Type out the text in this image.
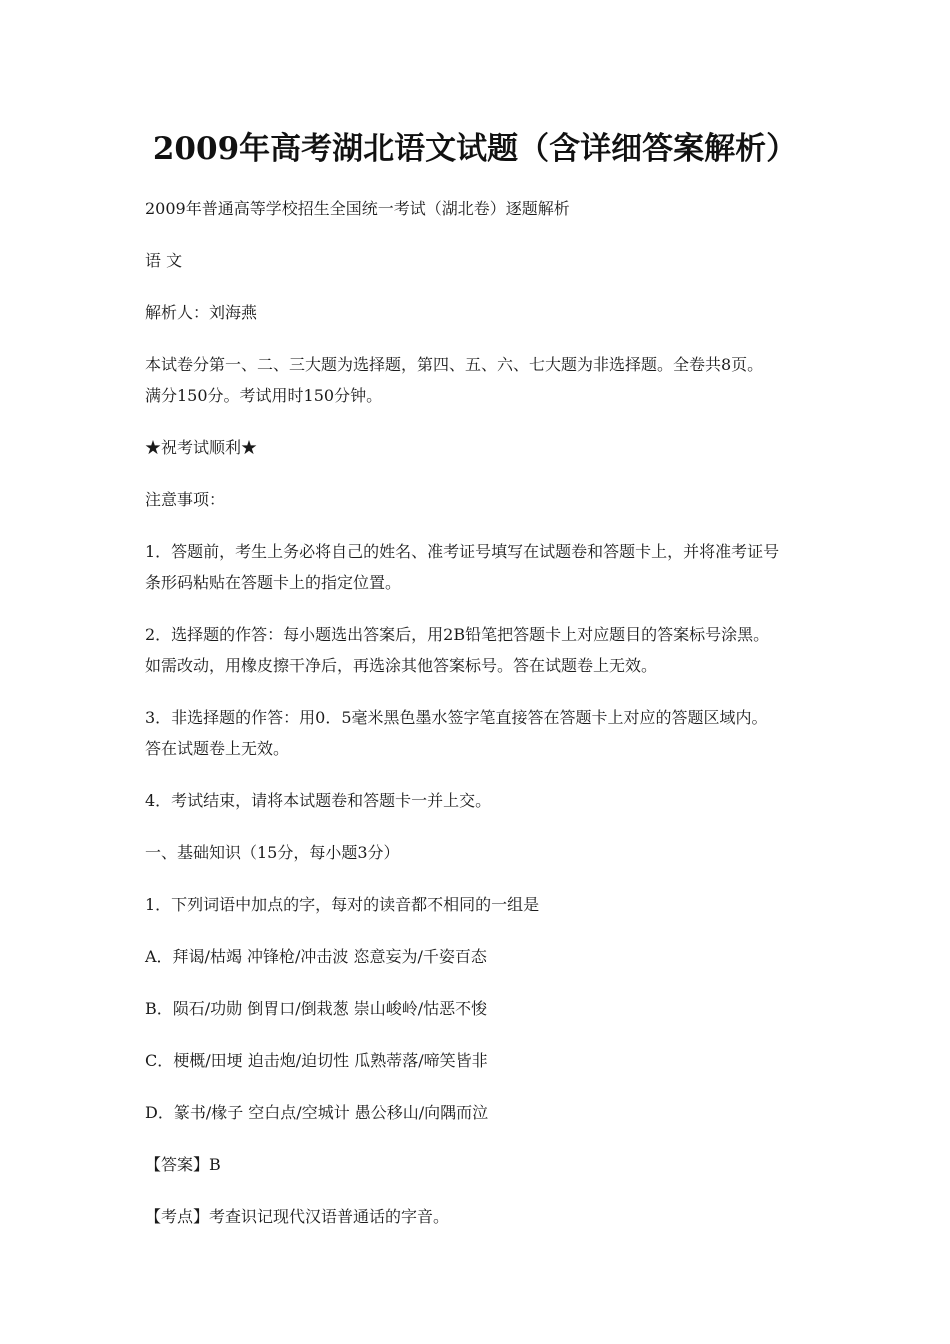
2009年高考湖北语文试题（含详细答案解析）
2009年普通高等学校招生全国统一考试（湖北卷）逐题解析
语 文
解析人：刘海燕
本试卷分第一、二、三大题为选择题，第四、五、六、七大题为非选择题。全卷共8页。
满分150分。考试用时150分钟。
★祝考试顺利★
注意事项：
1．答题前，考生上务必将自己的姓名、准考证号填写在试题卷和答题卡上，并将准考证号
条形码粘贴在答题卡上的指定位置。
2．选择题的作答：每小题选出答案后，用2B铅笔把答题卡上对应题目的答案标号涂黑。
如需改动，用橡皮擦干净后，再选涂其他答案标号。答在试题卷上无效。
3．非选择题的作答：用0．5毫米黑色墨水签字笔直接答在答题卡上对应的答题区域内。
答在试题卷上无效。
4．考试结束，请将本试题卷和答题卡一并上交。
一、基础知识（15分，每小题3分）
1．下列词语中加点的字，每对的读音都不相同的一组是
A．拜谒/枯竭 冲锋枪/冲击波 恣意妄为/千姿百态
B．陨石/功勋 倒胃口/倒栽葱 崇山峻岭/怙恶不悛
C．梗概/田埂 迫击炮/迫切性 瓜熟蒂落/啼笑皆非
D．篆书/椽子 空白点/空城计 愚公移山/向隅而泣
【答案】B
【考点】考查识记现代汉语普通话的字音。
